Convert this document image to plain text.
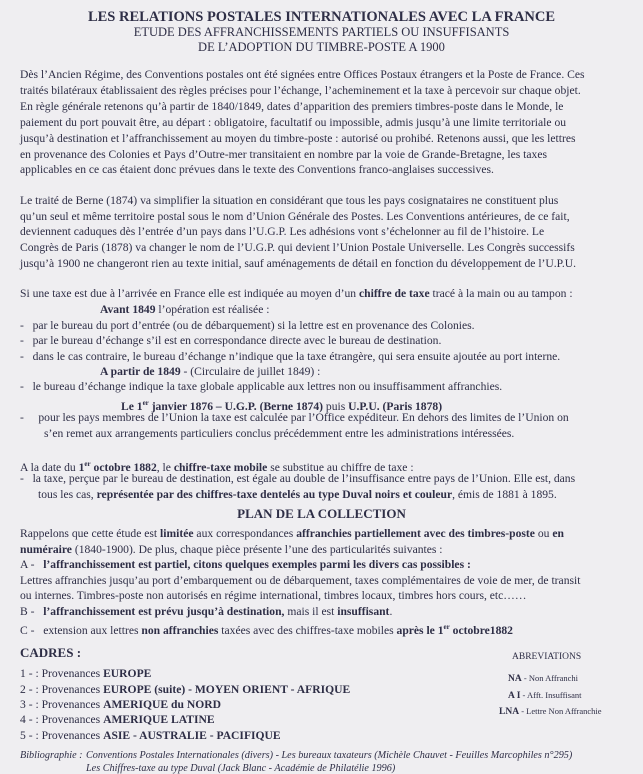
LES RELATIONS POSTALES INTERNATIONALES AVEC LA FRANCE
ETUDE DES AFFRANCHISSEMENTS PARTIELS OU INSUFFISANTS
DE L’ADOPTION DU TIMBRE-POSTE A 1900
Dès l’Ancien Régime, des Conventions postales ont été signées entre Offices Postaux étrangers et la Poste de France. Ces
traités bilatéraux établissaient des règles précises pour l’échange, l’acheminement et la taxe à percevoir sur chaque objet.
En règle générale retenons qu’à partir de 1840/1849, dates d’apparition des premiers timbres-poste dans le Monde, le
paiement du port pouvait être, au départ : obligatoire, facultatif ou impossible, admis jusqu’à une limite territoriale ou
jusqu’à destination et l’affranchissement au moyen du timbre-poste : autorisé ou prohibé. Retenons aussi, que les lettres
en provenance des Colonies et Pays d’Outre-mer transitaient en nombre par la voie de Grande-Bretagne, les taxes
applicables en ce cas étaient donc prévues dans le texte des Conventions franco-anglaises successives.
Le traité de Berne (1874) va simplifier la situation en considérant que tous les pays cosignataires ne constituent plus
qu’un seul et même territoire postal sous le nom d’Union Générale des Postes. Les Conventions antérieures, de ce fait,
deviennent caduques dès l’entrée d’un pays dans l’U.G.P. Les adhésions vont s’échelonner au fil de l’histoire. Le
Congrès de Paris (1878) va changer le nom de l’U.G.P. qui devient l’Union Postale Universelle. Les Congrès successifs
jusqu’à 1900 ne changeront rien au texte initial, sauf aménagements de détail en fonction du développement de l’U.P.U.
Si une taxe est due à l’arrivée en France elle est indiquée au moyen d’un chiffre de taxe tracé à la main ou au tampon :
Avant 1849 l’opération est réalisée :
-   par le bureau du port d’entrée (ou de débarquement) si la lettre est en provenance des Colonies.
-   par le bureau d’échange s’il est en correspondance directe avec le bureau de destination.
-   dans le cas contraire, le bureau d’échange n’indique que la taxe étrangère, qui sera ensuite ajoutée au port interne.
A partir de 1849 - (Circulaire de juillet 1849) :
-   le bureau d’échange indique la taxe globale applicable aux lettres non ou insuffisamment affranchies.
Le 1er janvier 1876 – U.G.P. (Berne 1874) puis U.P.U. (Paris 1878)
-     pour les pays membres de l’Union la taxe est calculée par l’Office expéditeur. En dehors des limites de l’Union on
s’en remet aux arrangements particuliers conclus précédemment entre les administrations intéressées.
A la date du 1er octobre 1882, le chiffre-taxe mobile se substitue au chiffre de taxe :
-   la taxe, perçue par le bureau de destination, est égale au double de l’insuffisance entre pays de l’Union. Elle est, dans
tous les cas, représentée par des chiffres-taxe dentelés au type Duval noirs et couleur, émis de 1881 à 1895.
PLAN DE LA COLLECTION
Rappelons que cette étude est limitée aux correspondances affranchies partiellement avec des timbres-poste ou en
numéraire (1840-1900). De plus, chaque pièce présente l’une des particularités suivantes :
A - l’affranchissement est partiel, citons quelques exemples parmi les divers cas possibles :
Lettres affranchies jusqu’au port d’embarquement ou de débarquement, taxes complémentaires de voie de mer, de transit
ou internes. Timbres-poste non autorisés en régime international, timbres locaux, timbres hors cours, etc……
B - l’affranchissement est prévu jusqu’à destination, mais il est insuffisant.
C - extension aux lettres non affranchies taxées avec des chiffres-taxe mobiles après le 1er octobre1882
CADRES :	ABREVIATIONS
1 - : Provenances EUROPE
2 - : Provenances EUROPE (suite) - MOYEN ORIENT - AFRIQUE
3 - : Provenances AMERIQUE du NORD
4 - : Provenances AMERIQUE LATINE
5 - : Provenances ASIE - AUSTRALIE - PACIFIQUE
NA - Non Affranchi
A I - Afft. Insuffisant
LNA - Lettre Non Affranchie
Bibliographie : Conventions Postales Internationales (divers) - Les bureaux taxateurs (Michèle Chauvet - Feuilles Marcophiles n°295)
Les Chiffres-taxe au type Duval (Jack Blanc - Académie de Philatélie 1996)
